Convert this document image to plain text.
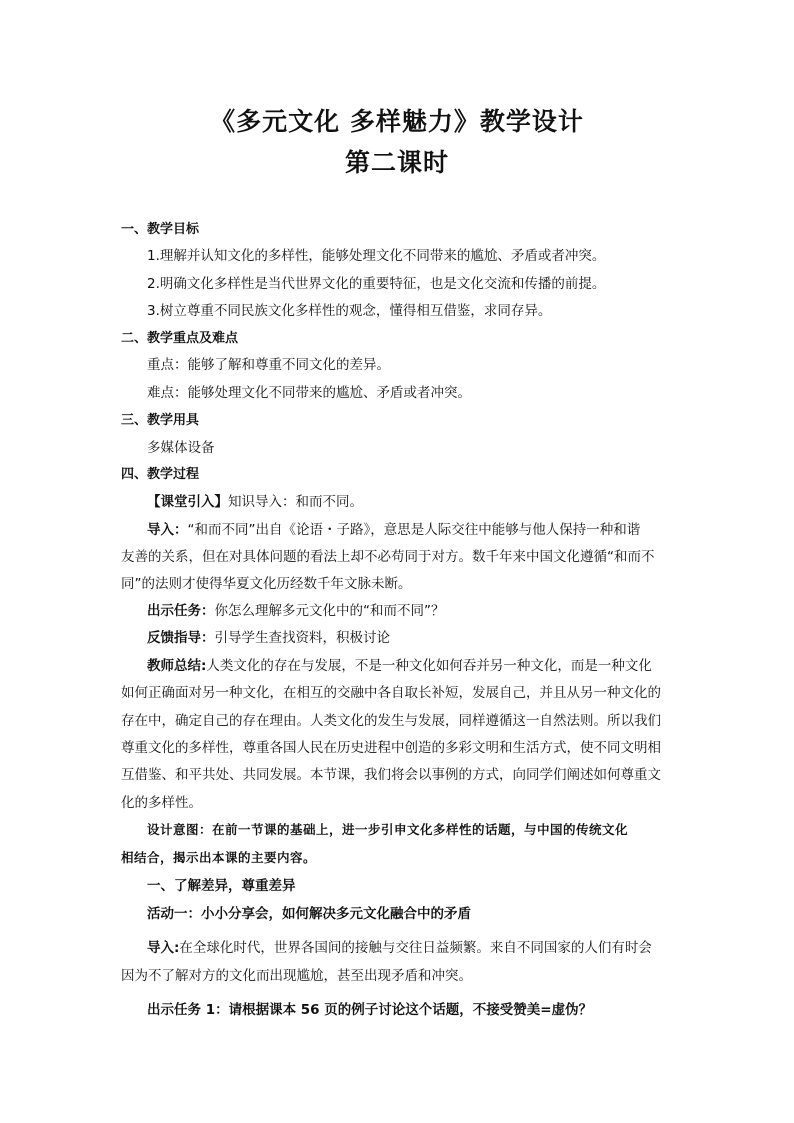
《多元文化 多样魅力》教学设计
第二课时
一、教学目标
1.理解并认知文化的多样性，能够处理文化不同带来的尴尬、矛盾或者冲突。
2.明确文化多样性是当代世界文化的重要特征，也是文化交流和传播的前提。
3.树立尊重不同民族文化多样性的观念，懂得相互借鉴，求同存异。
二、教学重点及难点
重点：能够了解和尊重不同文化的差异。
难点：能够处理文化不同带来的尴尬、矛盾或者冲突。
三、教学用具
多媒体设备
四、教学过程
【课堂引入】知识导入：和而不同。
导入：“和而不同”出自《论语・子路》，意思是人际交往中能够与他人保持一种和谐
友善的关系，但在对具体问题的看法上却不必苟同于对方。数千年来中国文化遵循“和而不
同”的法则才使得华夏文化历经数千年文脉未断。
出示任务：你怎么理解多元文化中的“和而不同”？
反馈指导：引导学生查找资料，积极讨论
教师总结:人类文化的存在与发展，不是一种文化如何吞并另一种文化，而是一种文化
如何正确面对另一种文化，在相互的交融中各自取长补短，发展自己，并且从另一种文化的
存在中，确定自己的存在理由。人类文化的发生与发展，同样遵循这一自然法则。所以我们
尊重文化的多样性，尊重各国人民在历史进程中创造的多彩文明和生活方式，使不同文明相
互借鉴、和平共处、共同发展。本节课，我们将会以事例的方式，向同学们阐述如何尊重文
化的多样性。
设计意图：在前一节课的基础上，进一步引申文化多样性的话题，与中国的传统文化
相结合，揭示出本课的主要内容。
一、了解差异，尊重差异
活动一：小小分享会，如何解决多元文化融合中的矛盾
导入:在全球化时代，世界各国间的接触与交往日益频繁。来自不同国家的人们有时会
因为不了解对方的文化而出现尴尬，甚至出现矛盾和冲突。
出示任务 1：请根据课本 56 页的例子讨论这个话题，不接受赞美=虚伪？
